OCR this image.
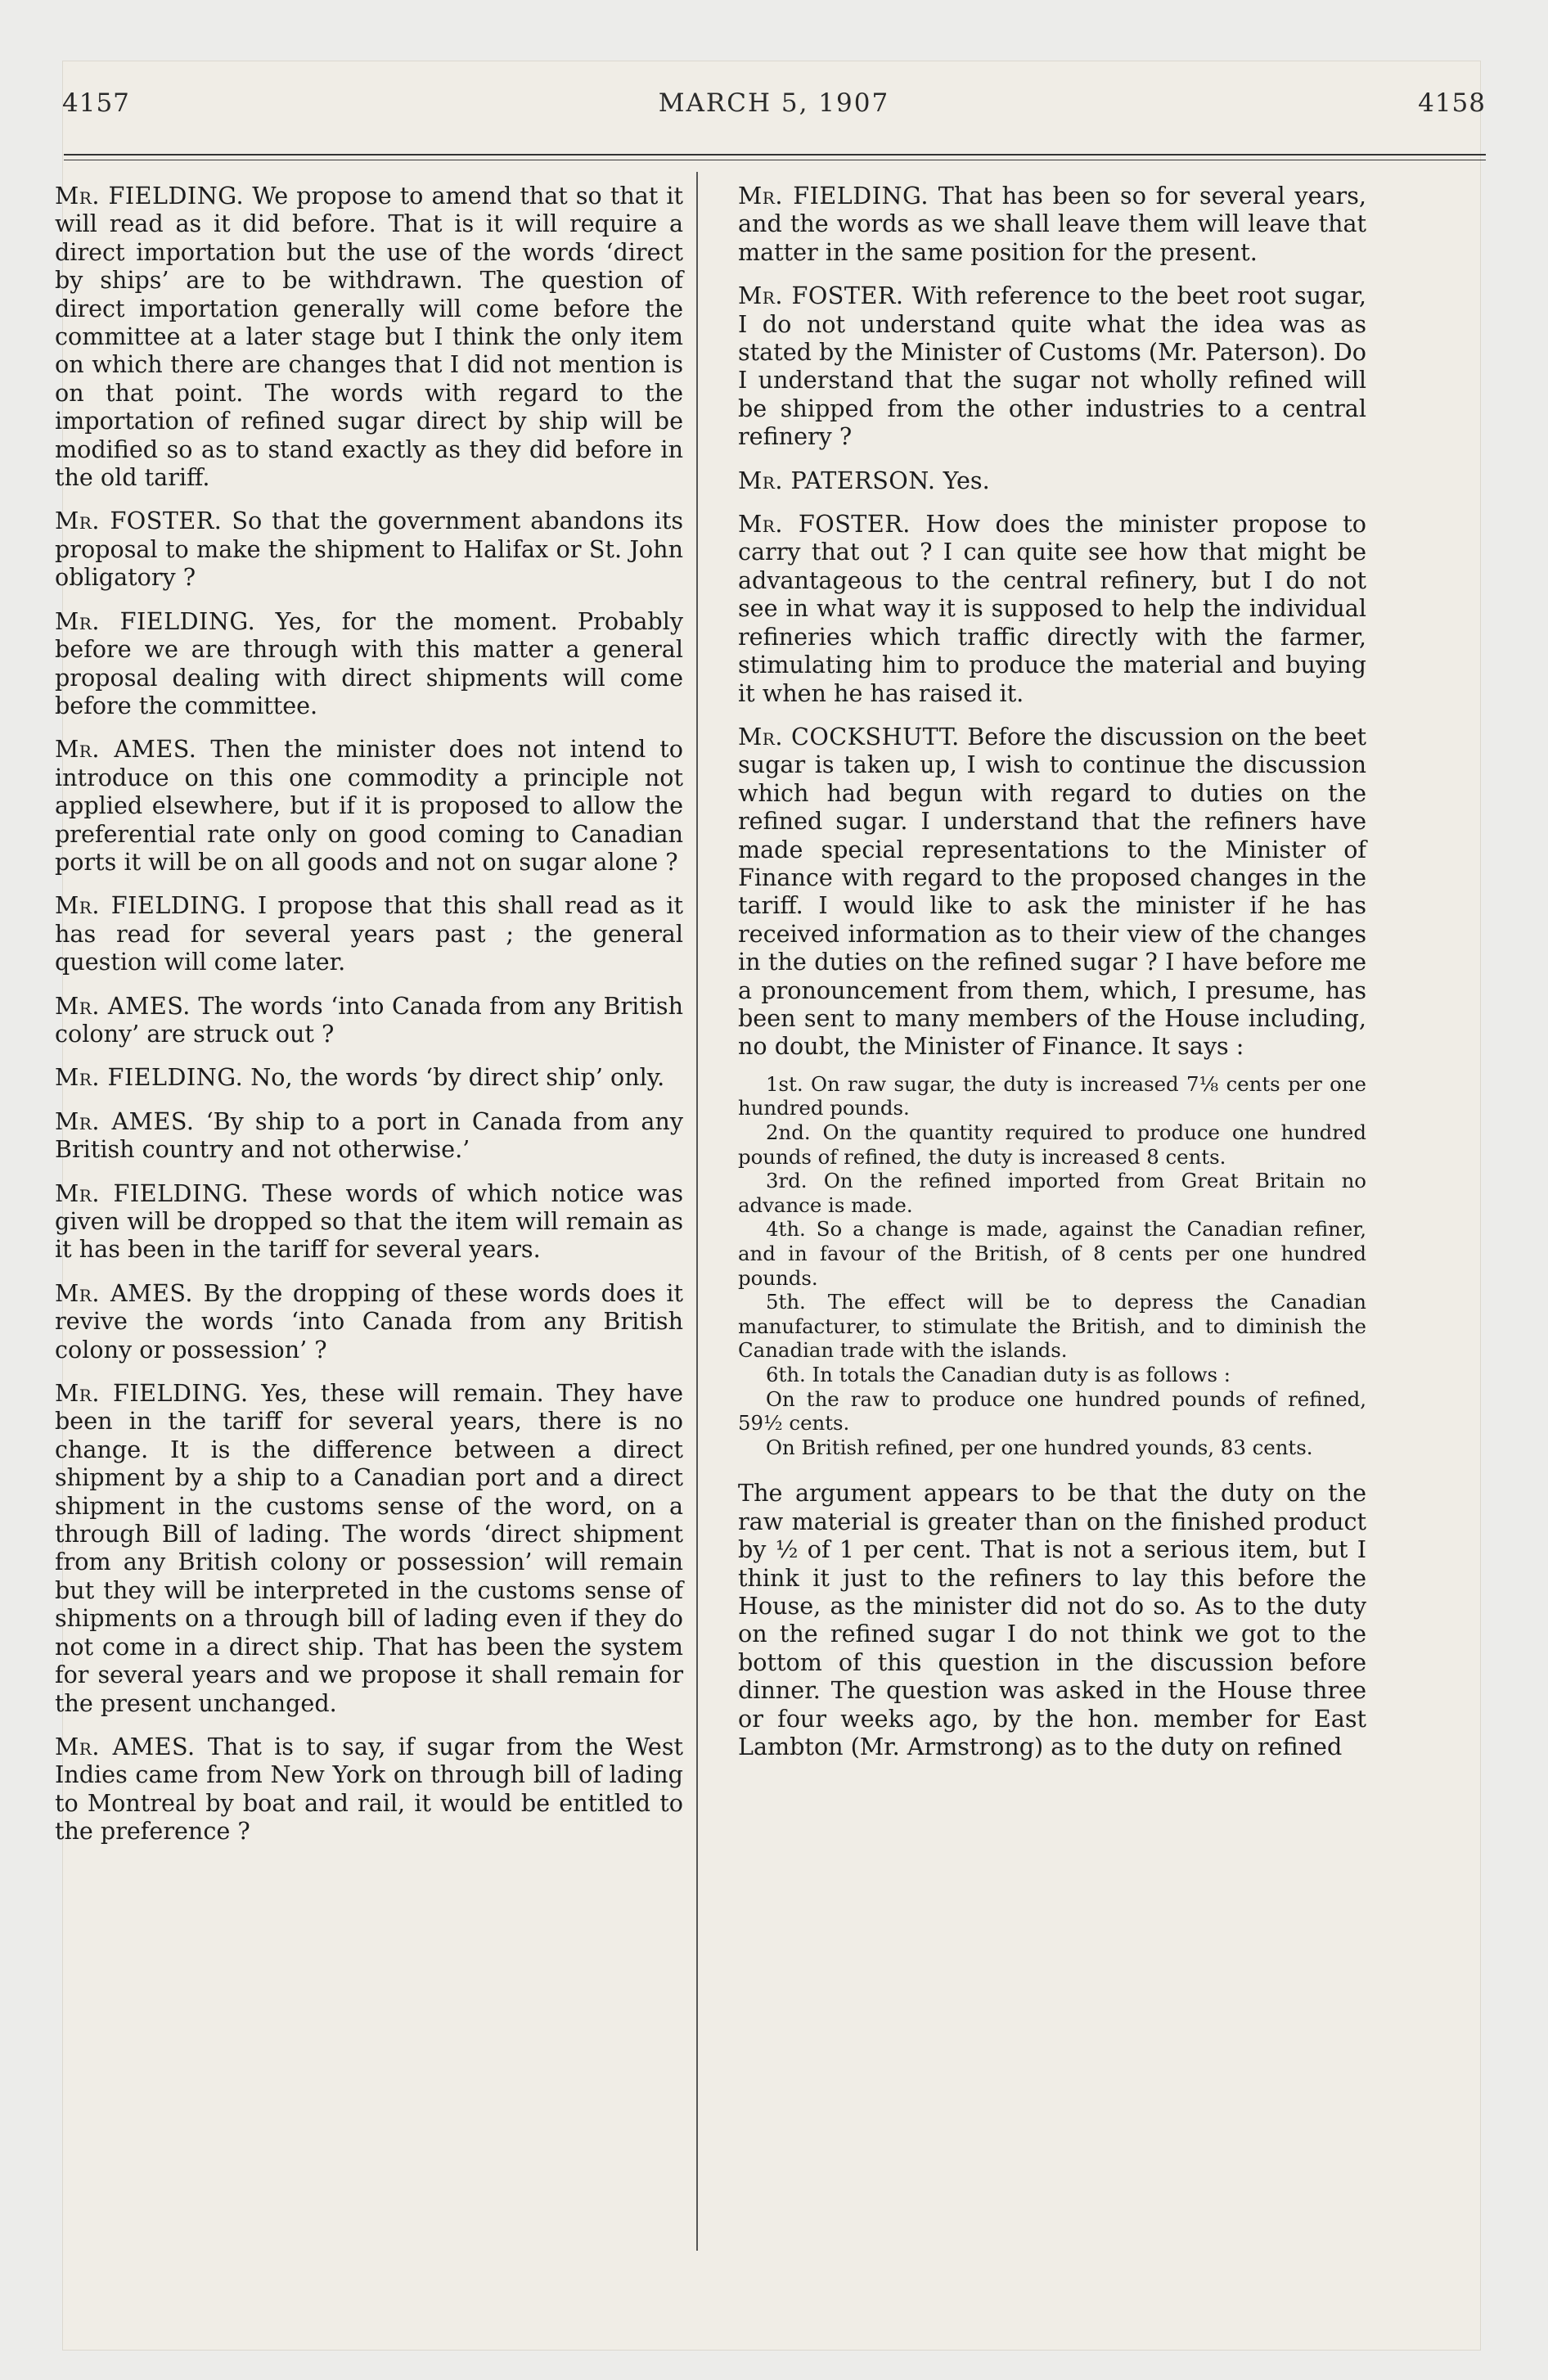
4157	MARCH 5, 1907	4158

Mr. FIELDING. We propose to amend that so that it will read as it did before. That is it will require a direct importation but the use of the words ‘direct by ships’ are to be withdrawn. The question of direct importation generally will come before the committee at a later stage but I think the only item on which there are changes that I did not mention is on that point. The words with regard to the importation of refined sugar direct by ship will be modified so as to stand exactly as they did before in the old tariff.

Mr. FOSTER. So that the government abandons its proposal to make the shipment to Halifax or St. John obligatory ?

Mr. FIELDING. Yes, for the moment. Probably before we are through with this matter a general proposal dealing with direct shipments will come before the committee.

Mr. AMES. Then the minister does not intend to introduce on this one commodity a principle not applied elsewhere, but if it is proposed to allow the preferential rate only on good coming to Canadian ports it will be on all goods and not on sugar alone ?

Mr. FIELDING. I propose that this shall read as it has read for several years past ; the general question will come later.

Mr. AMES. The words ‘into Canada from any British colony’ are struck out ?

Mr. FIELDING. No, the words ‘by direct ship’ only.

Mr. AMES. ‘By ship to a port in Canada from any British country and not otherwise.’

Mr. FIELDING. These words of which notice was given will be dropped so that the item will remain as it has been in the tariff for several years.

Mr. AMES. By the dropping of these words does it revive the words ‘into Canada from any British colony or possession’ ?

Mr. FIELDING. Yes, these will remain. They have been in the tariff for several years, there is no change. It is the difference between a direct shipment by a ship to a Canadian port and a direct shipment in the customs sense of the word, on a through Bill of lading. The words ‘direct shipment from any British colony or possession’ will remain but they will be interpreted in the customs sense of shipments on a through bill of lading even if they do not come in a direct ship. That has been the system for several years and we propose it shall remain for the present unchanged.

Mr. AMES. That is to say, if sugar from the West Indies came from New York on through bill of lading to Montreal by boat and rail, it would be entitled to the preference ?

Mr. FIELDING. That has been so for several years, and the words as we shall leave them will leave that matter in the same position for the present.

Mr. FOSTER. With reference to the beet root sugar, I do not understand quite what the idea was as stated by the Minister of Customs (Mr. Paterson). Do I understand that the sugar not wholly refined will be shipped from the other industries to a central refinery ?

Mr. PATERSON. Yes.

Mr. FOSTER. How does the minister propose to carry that out ? I can quite see how that might be advantageous to the central refinery, but I do not see in what way it is supposed to help the individual refineries which traffic directly with the farmer, stimulating him to produce the material and buying it when he has raised it.

Mr. COCKSHUTT. Before the discussion on the beet sugar is taken up, I wish to continue the discussion which had begun with regard to duties on the refined sugar. I understand that the refiners have made special representations to the Minister of Finance with regard to the proposed changes in the tariff. I would like to ask the minister if he has received information as to their view of the changes in the duties on the refined sugar ? I have before me a pronouncement from them, which, I presume, has been sent to many members of the House including, no doubt, the Minister of Finance. It says :

1st. On raw sugar, the duty is increased 7⅛ cents per one hundred pounds.

2nd. On the quantity required to produce one hundred pounds of refined, the duty is increased 8 cents.

3rd. On the refined imported from Great Britain no advance is made.

4th. So a change is made, against the Canadian refiner, and in favour of the British, of 8 cents per one hundred pounds.

5th. The effect will be to depress the Canadian manufacturer, to stimulate the British, and to diminish the Canadian trade with the islands.

6th. In totals the Canadian duty is as follows :

On the raw to produce one hundred pounds of refined, 59½ cents.

On British refined, per one hundred younds, 83 cents.

The argument appears to be that the duty on the raw material is greater than on the finished product by ½ of 1 per cent. That is not a serious item, but I think it just to the refiners to lay this before the House, as the minister did not do so. As to the duty on the refined sugar I do not think we got to the bottom of this question in the discussion before dinner. The question was asked in the House three or four weeks ago, by the hon. member for East Lambton (Mr. Armstrong) as to the duty on refined
